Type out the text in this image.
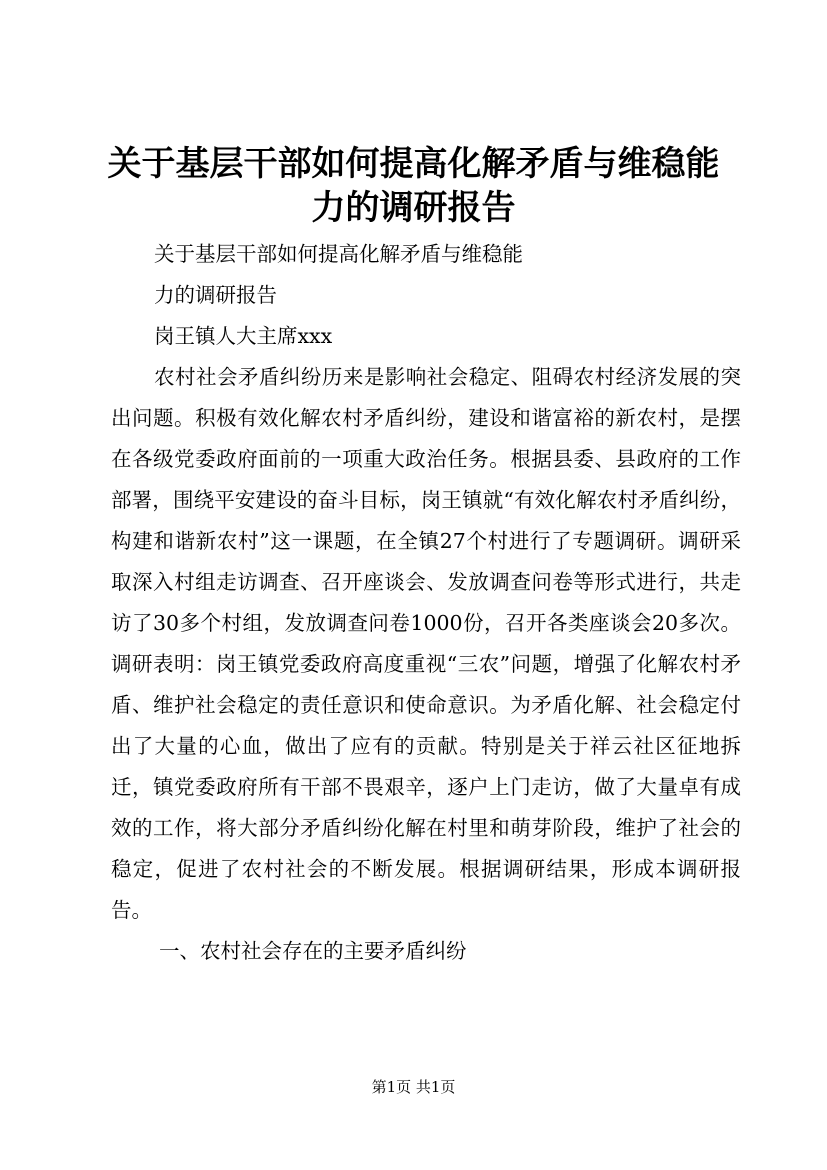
关于基层干部如何提高化解矛盾与维稳能力的调研报告

关于基层干部如何提高化解矛盾与维稳能

力的调研报告

岗王镇人大主席xxx

农村社会矛盾纠纷历来是影响社会稳定、阻碍农村经济发展的突出问题。积极有效化解农村矛盾纠纷，建设和谐富裕的新农村，是摆在各级党委政府面前的一项重大政治任务。根据县委、县政府的工作部署，围绕平安建设的奋斗目标，岗王镇就“有效化解农村矛盾纠纷，构建和谐新农村”这一课题，在全镇27个村进行了专题调研。调研采取深入村组走访调查、召开座谈会、发放调查问卷等形式进行，共走访了30多个村组，发放调查问卷1000份，召开各类座谈会20多次。调研表明：岗王镇党委政府高度重视“三农”问题，增强了化解农村矛盾、维护社会稳定的责任意识和使命意识。为矛盾化解、社会稳定付出了大量的心血，做出了应有的贡献。特别是关于祥云社区征地拆迁，镇党委政府所有干部不畏艰辛，逐户上门走访，做了大量卓有成效的工作，将大部分矛盾纠纷化解在村里和萌芽阶段，维护了社会的稳定，促进了农村社会的不断发展。根据调研结果，形成本调研报告。

一、农村社会存在的主要矛盾纠纷

第1页 共1页
